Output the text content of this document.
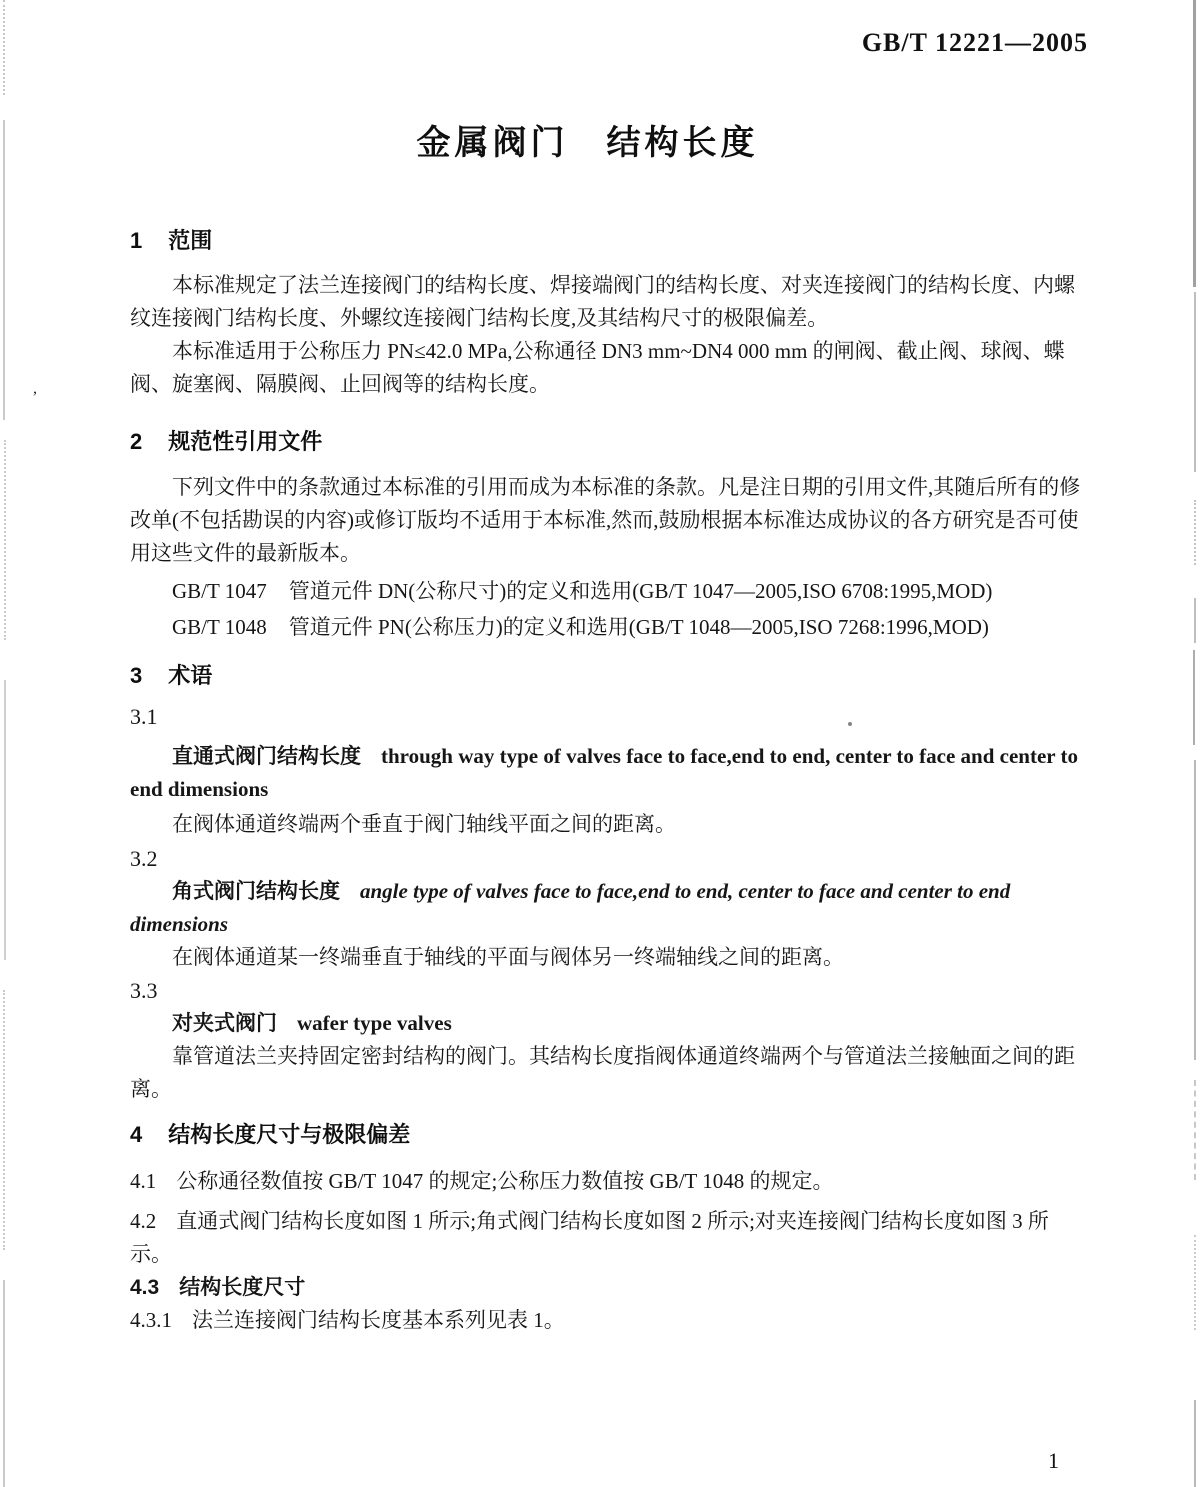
,
GB/T 12221—2005
金属阀门　结构长度

1 范围

本标准规定了法兰连接阀门的结构长度、焊接端阀门的结构长度、对夹连接阀门的结构长度、内螺纹连接阀门结构长度、外螺纹连接阀门结构长度,及其结构尺寸的极限偏差。

本标准适用于公称压力 PN≤42.0 MPa,公称通径 DN3 mm~DN4 000 mm 的闸阀、截止阀、球阀、蝶阀、旋塞阀、隔膜阀、止回阀等的结构长度。

2 规范性引用文件

下列文件中的条款通过本标准的引用而成为本标准的条款。凡是注日期的引用文件,其随后所有的修改单(不包括勘误的内容)或修订版均不适用于本标准,然而,鼓励根据本标准达成协议的各方研究是否可使用这些文件的最新版本。

GB/T 1047 管道元件 DN(公称尺寸)的定义和选用(GB/T 1047—2005,ISO 6708:1995,MOD)

GB/T 1048 管道元件 PN(公称压力)的定义和选用(GB/T 1048—2005,ISO 7268:1996,MOD)

3 术语

3.1

直通式阀门结构长度 through way type of valves face to face,end to end, center to face and center to end dimensions

在阀体通道终端两个垂直于阀门轴线平面之间的距离。

3.2

角式阀门结构长度 angle type of valves face to face,end to end, center to face and center to end dimensions

在阀体通道某一终端垂直于轴线的平面与阀体另一终端轴线之间的距离。

3.3

对夹式阀门 wafer type valves

靠管道法兰夹持固定密封结构的阀门。其结构长度指阀体通道终端两个与管道法兰接触面之间的距离。

4 结构长度尺寸与极限偏差

4.1 公称通径数值按 GB/T 1047 的规定;公称压力数值按 GB/T 1048 的规定。

4.2 直通式阀门结构长度如图 1 所示;角式阀门结构长度如图 2 所示;对夹连接阀门结构长度如图 3 所示。

4.3 结构长度尺寸

4.3.1 法兰连接阀门结构长度基本系列见表 1。

1
